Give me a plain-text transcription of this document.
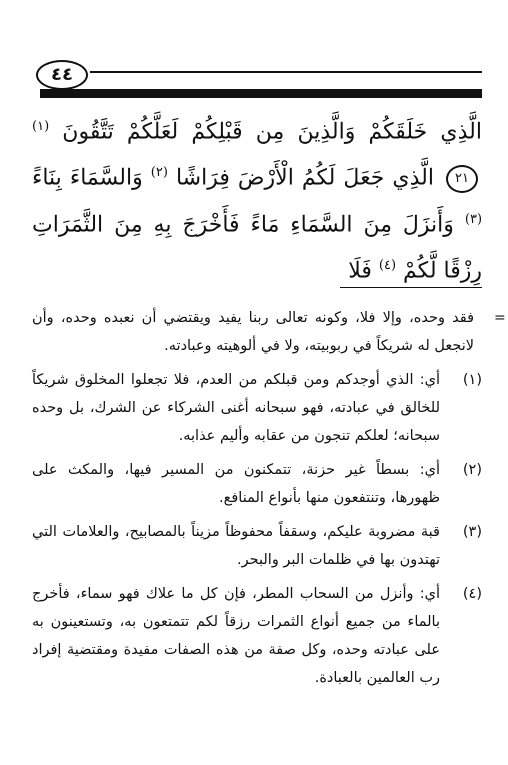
٤٤
الَّذِي خَلَقَكُمْ وَالَّذِينَ مِن قَبْلِكُمْ لَعَلَّكُمْ تَتَّقُونَ $^{(١)}$ ٢١ الَّذِي جَعَلَ لَكُمُ الْأَرْضَ فِرَاشًا $^{(٢)}$ وَالسَّمَاءَ بِنَاءً $^{(٣)}$ وَأَنزَلَ مِنَ السَّمَاءِ مَاءً فَأَخْرَجَ بِهِ مِنَ الثَّمَرَاتِ رِزْقًا لَّكُمْ $^{(٤)}$ فَلَا
=
فقد وحده، وإلا فلا، وكونه تعالى ربنا يفيد ويقتضي أن نعبده وحده، وأن لانجعل له شريكاً في ربوبيته، ولا في ألوهيته وعبادته.
(١)
أي: الذي أوجدكم ومن قبلكم من العدم، فلا تجعلوا المخلوق شريكاً للخالق في عبادته، فهو سبحانه أغنى الشركاء عن الشرك، بل وحده سبحانه؛ لعلكم تنجون من عقابه وأليم عذابه.
(٢)
أي: بسطاً غير حزنة، تتمكنون من المسير فيها، والمكث على ظهورها، وتنتفعون منها بأنواع المنافع.
(٣)
قبة مضروبة عليكم، وسقفاً محفوظاً مزيناً بالمصابيح، والعلامات التي تهتدون بها في ظلمات البر والبحر.
(٤)
أي: وأنزل من السحاب المطر، فإن كل ما علاك فهو سماء، فأخرج بالماء من جميع أنواع الثمرات رزقاً لكم تتمتعون به، وتستعينون به على عبادته وحده، وكل صفة من هذه الصفات مفيدة ومقتضية إفراد رب العالمين بالعبادة.
